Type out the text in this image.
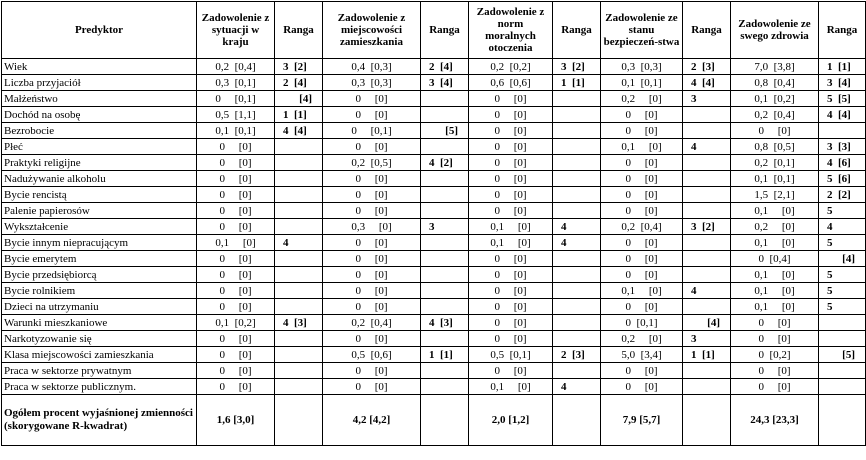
Predyktor	Zadowolenie z sytuacji w kraju	Ranga	Zadowolenie z miejscowości zamieszkania	Ranga	Zadowolenie z norm moralnych otoczenia	Ranga	Zadowolenie ze stanu bezpieczeń-stwa	Ranga	Zadowolenie ze swego zdrowia	Ranga
Wiek	0,2  [0,4]	3  [2]	0,4  [0,3]	2  [4]	0,2  [0,2]	3  [2]	0,3  [0,3]	2  [3]	7,0  [3,8]	1  [1]
Liczba przyjaciół	0,3  [0,1]	2  [4]	0,3  [0,3]	3  [4]	0,6  [0,6]	1  [1]	0,1  [0,1]	4  [4]	0,8  [0,4]	3  [4]
Małżeństwo	0     [0,1]	[4]	0     [0]		0     [0]		0,2     [0]	3	0,1  [0,2]	5  [5]
Dochód na osobę	0,5  [1,1]	1  [1]	0     [0]		0     [0]		0     [0]		0,2  [0,4]	4  [4]
Bezrobocie	0,1  [0,1]	4  [4]	0     [0,1]	[5]	0     [0]		0     [0]		0     [0]	
Płeć	0     [0]		0     [0]		0     [0]		0,1     [0]	4	0,8  [0,5]	3  [3]
Praktyki religijne	0     [0]		0,2  [0,5]	4  [2]	0     [0]		0     [0]		0,2  [0,1]	4  [6]
Nadużywanie alkoholu	0     [0]		0     [0]		0     [0]		0     [0]		0,1  [0,1]	5  [6]
Bycie rencistą	0     [0]		0     [0]		0     [0]		0     [0]		1,5  [2,1]	2  [2]
Palenie papierosów	0     [0]		0     [0]		0     [0]		0     [0]		0,1     [0]	5
Wykształcenie	0     [0]		0,3     [0]	3	0,1     [0]	4	0,2  [0,4]	3  [2]	0,2     [0]	4
Bycie innym niepracującym	0,1     [0]	4	0     [0]		0,1     [0]	4	0     [0]		0,1     [0]	5
Bycie emerytem	0     [0]		0     [0]		0     [0]		0     [0]		0  [0,4]	[4]
Bycie przedsiębiorcą	0     [0]		0     [0]		0     [0]		0     [0]		0,1     [0]	5
Bycie rolnikiem	0     [0]		0     [0]		0     [0]		0,1     [0]	4	0,1     [0]	5
Dzieci na utrzymaniu	0     [0]		0     [0]		0     [0]		0     [0]		0,1     [0]	5
Warunki mieszkaniowe	0,1  [0,2]	4  [3]	0,2  [0,4]	4  [3]	0     [0]		0  [0,1]	[4]	0     [0]	
Narkotyzowanie się	0     [0]		0     [0]		0     [0]		0,2     [0]	3	0     [0]	
Klasa miejscowości zamieszkania	0     [0]		0,5  [0,6]	1  [1]	0,5  [0,1]	2  [3]	5,0  [3,4]	1  [1]	0  [0,2]	[5]
Praca w sektorze prywatnym	0     [0]		0     [0]		0     [0]		0     [0]		0     [0]	
Praca w sektorze publicznym.	0     [0]		0     [0]		0,1     [0]	4	0     [0]		0     [0]	
Ogółem procent wyjaśnionej zmienności (skorygowane R-kwadrat)	1,6 [3,0]		4,2 [4,2]		2,0 [1,2]		7,9 [5,7]		24,3 [23,3]	
